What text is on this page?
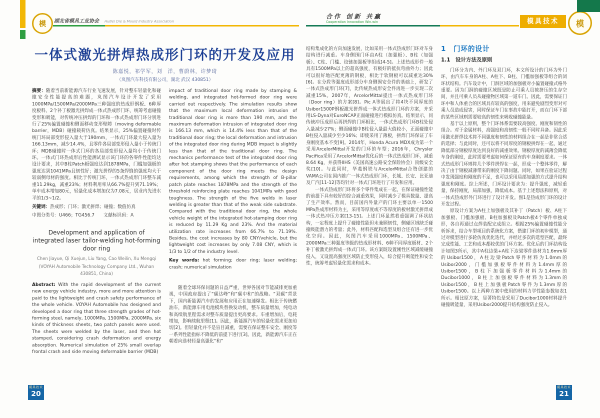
模 湖北省模具工业协会 HuBei Die & Mould Industry Association
一体式激光拼焊热成形门环的开发及应用
陈嘉悦，祁学军，刘　洋，曹蔚林，许梦琦
（岚图汽车科技有限公司，湖北 武汉 430851）

摘要：随着当前新能源汽车行业飞速发展，针对整车轻量化和碰撞安全性能提高的难题，岚图汽车设计开发了采用1000MPa/1500MPa/2000MPa三种强度的热成形钢板、6种厚度板料、2个补丁板激光拼焊成一体式热成形门环，统筹考虑碰撞变形和吸能，对传统冲压拼焊的门环和一体式热成形门环分别进行了25%偏置碰撞和侧面移动变形壁障（moving deformable barrier，MDB）碰撞载荷仿真。结果显示，25%偏置碰撞时传统门环局部变形侵入量大于190mm，一体式门环最大侵入量为166.13mm，减少14.4%，且零件各局部变形侵入量小于传统门环；MDB碰撞时一体式门环的各局部变形侵入量均小于传统门环。一体式门环热成形后性能测试显示该门环的各零件性能均达设计要求，其中B柱Patch板强度达到1878MPa，门槛加强板的强度达到1041MPa且韧性好；激光拼焊的5条焊缝的强度均大于较弱侧母材的强度。相比于传统门环，一体式热成形门环整车减重11.29kg，减重23%；材料利用率从66.7%提升到71.19%；单车成本增加80元，轻量化成本增加仅为7.08元，居业内先进水平的1/3~1/2。

关键词：热成形；门环；激光拼焊；碰撞；数值仿真

中图分类号：U466；TG456.7　　文献标识码：A

Development and application of integrated laser tailor-welding hot-forming door ring

Chen Jiayue, Qi Xuejun, Liu Yang, Cao Weilin, Xu Mengqi

(VOYAH Automobile Technology Company Ltd., Wuhan 430851, China)

Abstract: With the rapid development of the current new energy vehicle industry, more and more attention is paid to the lightweight and crash safety performance of the whole vehicle. VOYAH Automobile has designed and developed a door ring that three strength grades of hot-forming steel, namely, 1000MPa, 1500MPa, 2000MPa, six kinds of thickness sheets, two patch panels were used. The sheets were welded by the laser, and then hot stamped, considering crash deformation and energy absorption. Numerical simulation of 25% small overlap frontal crash and side moving deformable barrier (MDB)

impact of traditional door ring made by stamping & welding, and integrated hot-formed door ring were carried out respectively. The simulation results show that the maximum local deformation intrusion of traditional door ring is more than 190 mm, and the maximum deformation intrusion of integrated door ring is 166.13 mm, which is 14.4% less than that of the traditional door ring; the local deformation and intrusion of the integrated door ring during MDB impact is slightly less than that of the traditional door ring. The mechanics performance test of the integrated door ring after hot stamping shows that the performance of each component of the door ring meets the design requirements, among which the strength of B-pillar patch plate reaches 1878MPa and the strength of the threshold reinforcing plate reaches 1041MPa with good toughness. The strength of the five welds in laser welding is greater than that of the weak side substrate. Compared with the traditional door ring, the whole vehicle weight of the integrated hot-stamping door ring is reduced by 11.29 Kg and 23%. And the material utilization rate increases from 66.7% to 71.19%. Besides, the cost increases by 80 CNY/vehicle, but the lightweight cost increases by only 7.08 CNY, which is 1/3 to 1/2 of the industry level.

Key words: hot forming; door ring; laser welding; crash; numerical simulation

随着全球环保问题的日益严重，世界各国对节能减排更加重视，中国政府提出了“碳达峰”和“碳中和”的战略。“双碳”背景下，国内新能源汽车的发展和应用正在加速爆发。相比于传统燃油车，新能源车用电池模块替换发动机，整车质量增加，纯电动和高续航里程需求对整车质量提出更高要求。车重增加后，电耗增加，影响续航里程[1]。因此，新能源汽车的轻量化需求更加迫切[2]。但轻量化并不是盲目减重，需要在保证整车安全、刚度等一系列性能指标不降低的前提下进行[3]。因此，新能源汽车正在朝着向选材轻量高强化“和”

模具技术
20
合作 创新 共赢
Cooperation Innovation Win-win	模具技术	模

结构集成化的方向加速发展，比如采用一体式热成形门环对车身结构进行减重。车身侧围门环由A柱（加强板）、B柱（加强板）、C柱、门槛、铰链加强板等组成[4-5]。上述热成形件一般具有1500MPa以上的超高强度，有极好的抵抗弯曲外力；因此可以很好地匹配更薄的钢板，相比于软钢板可以减重达30%[6]。在分段等强度成形部分车身侧围安全件的基础上，研发了一体式热成形门环[7]，比传统热成形安全件再进一步实现二次减重15%。2007年，ArcelorMittal提出一体式热成形门环（Door ring）的方案[8]。Pic A等展出了将4块不同厚度的Usibor1500P钢板激光拼焊成一体式热成形门环的方案，并采用LS-Dyna对EuroNCAP正面碰撞进行模拟仿真。结果显示，同传统冲压成形后再拼焊的门环相比，一体式热成形门环B柱处侵入量减少27%；侧面碰撞中B柱侵入量最大值较小，正面碰撞中B柱侵入量减少至少16%；即使采用了薄板，拼焊门环保证了车身刚度基本不变[9]。2014年，Honda Acura MDX成为第一个采用ArcelorMittal开发的门环的车型；2016年，Chrysler Pacifica采用了ArcelorMittal优化后的一体式热成形门环，减重8.64 Kg，并获得IIHS（美国高速公路安全保险协会）顶级安全奖[10]。与此同时，华菱钢铁与ArcelorMittal合资创建的VAMA公司在国内推广一体式热成形门环，长城、长安、比亚迪及广汽[11-12]等均针对一体式门环进行了开发和应用。

一体式热成形门环将多个零件集成在一起，在保证碰撞性能的前提下具有较好的综合减重效果，同时减少了模具数量、提高了生产效率。然而，目前国内外量产的门环主要以单一1500 MPa热成形材料为主，采用等厚度或不等厚度的板材激光拼焊成一体式热冲压方案[13-15]。上述门环虽然着重强调了环状结构，一定程度上提升了碰撞性能但未兼顾韧性，侧碰区域缺乏碰撞吸能潜力的考量；此外，材料匹配和选型及组合还有进一步优化空间。因此，岚图汽车采用1000MPa、1500MPa、2000MPa三种强度等级的热成形材料、6种不同厚度板材、2个补丁板激光拼焊成一体式门环。该方案既设置刚性区域减缓碰撞侵入，又设置高强度区域防止变形侵入，综合提升吸能性和安全性，统筹考虑轻量化需求和成本。

1　门环的设计
1.1　设计方法及原则

门环分为内、外门环及双门环，本文所设计的门环为外门环，由汽车车身的A柱、A柱下、B柱、门槛加强板等组合的闭环状结构。汽车设计中，门洞区域的加强板对小偏置碰撞式格外重要。因为门洞的碰撞区域既是防止可乘人员被挤压的生存空间，并且可乘人员从碰撞物区域第一道车门。因此，需要保证门环中和人体重合的区域具有较高的强度，用来避免剧烈变形对可乘人员造成侵害，同时保证车门在事故中能打开，而在门环下部的某些区域则需要较高的韧性来吸收碰撞能量。

基于以上原则，整个门环体系需要较高强度、刚度和韧性的组合。对于金属材料，高强度和高韧性一般不同时具备。因此采用激光拼焊技术将不同强度和韧性的材料组合在一起是非常合适的选择；与此同时，还可以将不同厚度的钢板拼焊在一起，通过降低部分钢板厚度达到良好的减重效果。钢板厚度的减薄会降低车身的刚度，此时需要考虑如何保证原有的车身刚度要求。一体式热成形门环则将几个零件拼焊在一起，形成一个整体零件，解决了由于钢板减薄带来的刚度下降问题。同时，如果在验证过程中发现强度和刚度的不足，也可以采用局部加强的方式提升结构强度和刚度。综上所述，门环设计要求为：提升强度，减轻重量，保持刚度，局部加强，降低成本。基于上述想法和原则，对一体式热成形外门环进行了设计开发。图1是热成形门环的设计开发过程。

原设计方案为A柱上加强板及其补丁（Patch）板、A柱下加强板、门槛加强板、B柱加强板及Patch板4个零件单独成形，各自再通过点焊装配完成组立。根据25%偏置碰撞性能分析诉求，结合车型项目的系统化方案，搭建门环的初步模型，通过对模型进行多轮仿真优化迭代，并经过多次的选型匹配，最终完成性能、工艺和成本都较优的门环方案。优化后的门环结构设计如图3所示，其中A柱边梁+A柱下边梁零件选材为1.6mm厚的Usibor1500，A柱边梁Patch零件材料为1.0mm的Usibor2000，门槛加强板零件材料为1.4mm厚的Usibor1500，B柱下加强板零件材料为1.4mm的Ducibor1000，B柱上加强板零件材料为1.3mm的Usibor1500，B柱上加强板Patch零件为1.3mm厚的Usibor1500。以上两种方案中使用的材料力学性能参数如表1所示。相比原方案，显著特色是采用了Ducibor1000材料提升碰撞吸能量，采用Usibor2000提升结构强度防止侵入。

模具技术
21
